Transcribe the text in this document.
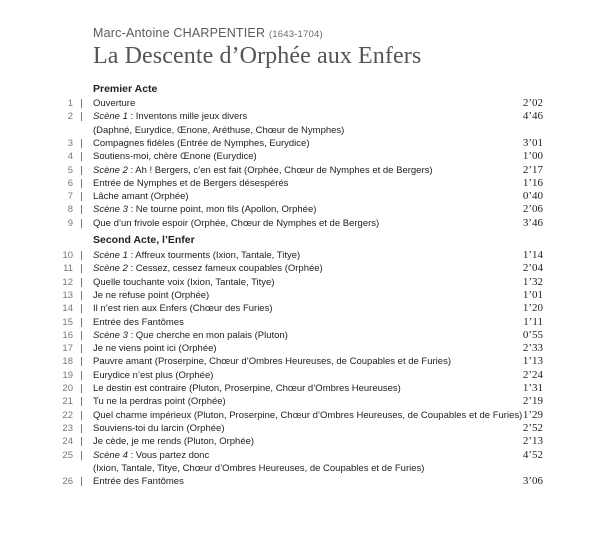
Marc-Antoine CHARPENTIER (1643-1704)
La Descente d’Orphée aux Enfers
Premier Acte
1 Ouverture	2’02
2 Scène 1 : Inventons mille jeux divers	4’46
(Daphné, Eurydice, Œnone, Aréthuse, Chœur de Nymphes)
3 Compagnes fidèles (Entrée de Nymphes, Eurydice)	3’01
4 Soutiens-moi, chère Œnone (Eurydice)	1’00
5 Scène 2 : Ah ! Bergers, c’en est fait (Orphée, Chœur de Nymphes et de Bergers)	2’17
6 Entrée de Nymphes et de Bergers désespérés	1’16
7 Lâche amant (Orphée)	0’40
8 Scène 3 : Ne tourne point, mon fils (Apollon, Orphée)	2’06
9 Que d’un frivole espoir (Orphée, Chœur de Nymphes et de Bergers)	3’46
Second Acte, l’Enfer
10 Scène 1 : Affreux tourments (Ixion, Tantale, Titye)	1’14
11 Scène 2 : Cessez, cessez fameux coupables (Orphée)	2’04
12 Quelle touchante voix (Ixion, Tantale, Titye)	1’32
13 Je ne refuse point (Orphée)	1’01
14 Il n’est rien aux Enfers (Chœur des Furies)	1’20
15 Entrée des Fantômes	1’11
16 Scène 3 : Que cherche en mon palais (Pluton)	0’55
17 Je ne viens point ici (Orphée)	2’33
18 Pauvre amant (Proserpine, Chœur d’Ombres Heureuses, de Coupables et de Furies)	1’13
19 Eurydice n’est plus (Orphée)	2’24
20 Le destin est contraire (Pluton, Proserpine, Chœur d’Ombres Heureuses)	1’31
21 Tu ne la perdras point (Orphée)	2’19
22 Quel charme impérieux (Pluton, Proserpine, Chœur d’Ombres Heureuses, de Coupables et de Furies) 1’29
23 Souviens-toi du larcin (Orphée)	2’52
24 Je cède, je me rends (Pluton, Orphée)	2’13
25 Scène 4 : Vous partez donc	4’52
(Ixion, Tantale, Titye, Chœur d’Ombres Heureuses, de Coupables et de Furies)
26 Entrée des Fantômes	3’06
